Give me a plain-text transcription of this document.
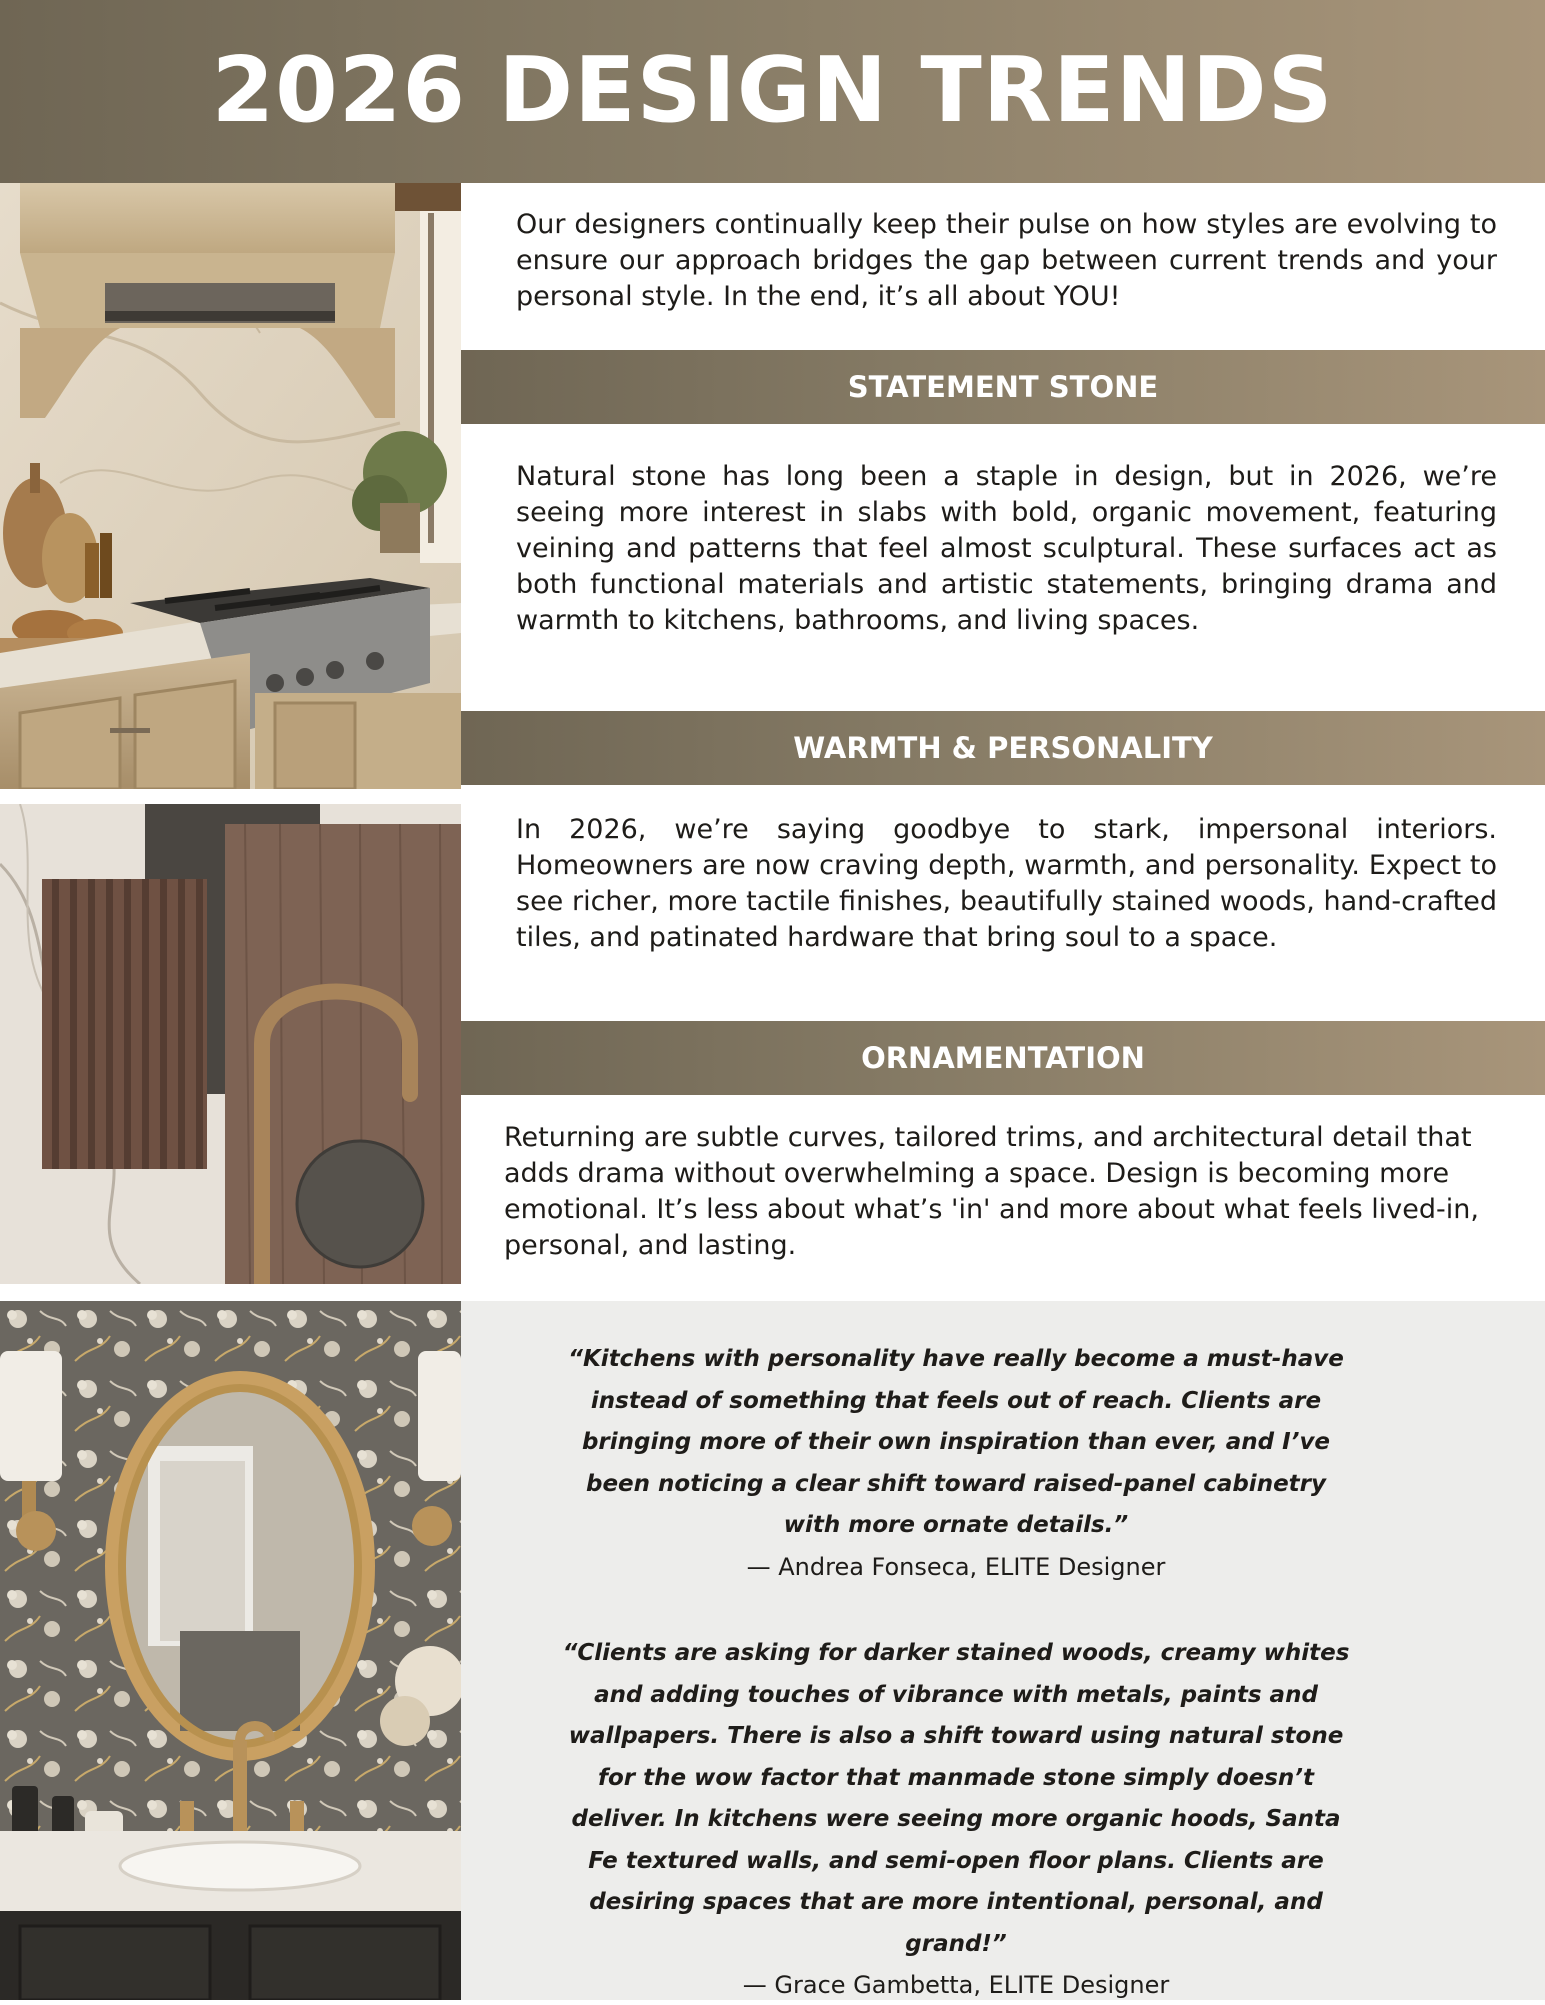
2026 DESIGN TRENDS

Our designers continually keep their pulse on how styles are evolving to ensure our approach bridges the gap between current trends and your personal style. In the end, it’s all about YOU!

STATEMENT STONE

Natural stone has long been a staple in design, but in 2026, we’re seeing more interest in slabs with bold, organic movement, featuring veining and patterns that feel almost sculptural. These surfaces act as both functional materials and artistic statements, bringing drama and warmth to kitchens, bathrooms, and living spaces.

WARMTH & PERSONALITY

In 2026, we’re saying goodbye to stark, impersonal interiors. Homeowners are now craving depth, warmth, and personality. Expect to see richer, more tactile finishes, beautifully stained woods, hand-crafted tiles, and patinated hardware that bring soul to a space.

ORNAMENTATION

Returning are subtle curves, tailored trims, and architectural detail that adds drama without overwhelming a space. Design is becoming more emotional. It’s less about what’s 'in' and more about what feels lived-in, personal, and lasting.

“Kitchens with personality have really become a must-have instead of something that feels out of reach. Clients are bringing more of their own inspiration than ever, and I’ve been noticing a clear shift toward raised-panel cabinetry with more ornate details.”

— Andrea Fonseca, ELITE Designer

“Clients are asking for darker stained woods, creamy whites and adding touches of vibrance with metals, paints and wallpapers. There is also a shift toward using natural stone for the wow factor that manmade stone simply doesn’t deliver. In kitchens were seeing more organic hoods, Santa Fe textured walls, and semi-open floor plans. Clients are desiring spaces that are more intentional, personal, and grand!”

— Grace Gambetta, ELITE Designer
